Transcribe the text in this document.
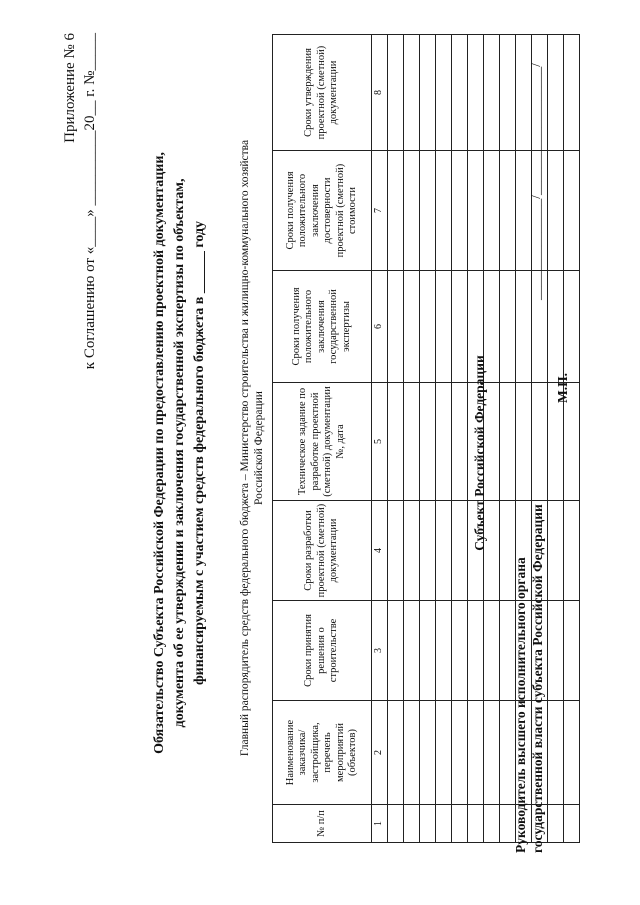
Приложение № 6 к Соглашению от «____» __________20__ г. №_____	Обязательство Субъекта Российской Федерации по предоставлению проектной документации, документа об ее утверждении и заключения государственной экспертизы по объектам, финансируемым с участием средств федерального бюджета в ______ году	Главный распорядитель средств федерального бюджета – Министерство строительства и жилищно-коммунального хозяйства Российской Федерации
№ п/п	Наименование заказчика/застройщика, перечень мероприятий (объектов)	Сроки принятия решения о строительстве	Сроки разработки проектной (сметной) документации	Техническое задание по разработке проектной (сметной) документации №, дата	Сроки получения положительного заключения государственной экспертизы	Сроки получения положительного заключения достоверности проектной (сметной) стоимости	Сроки утверждения проектной (сметной) документации
1	2	3	4	5	6	7	8

Субъект Российской Федерации
Руководитель высшего исполнительного органа государственной власти субъекта Российской Федерации
_______________/___________________/
М.П.
